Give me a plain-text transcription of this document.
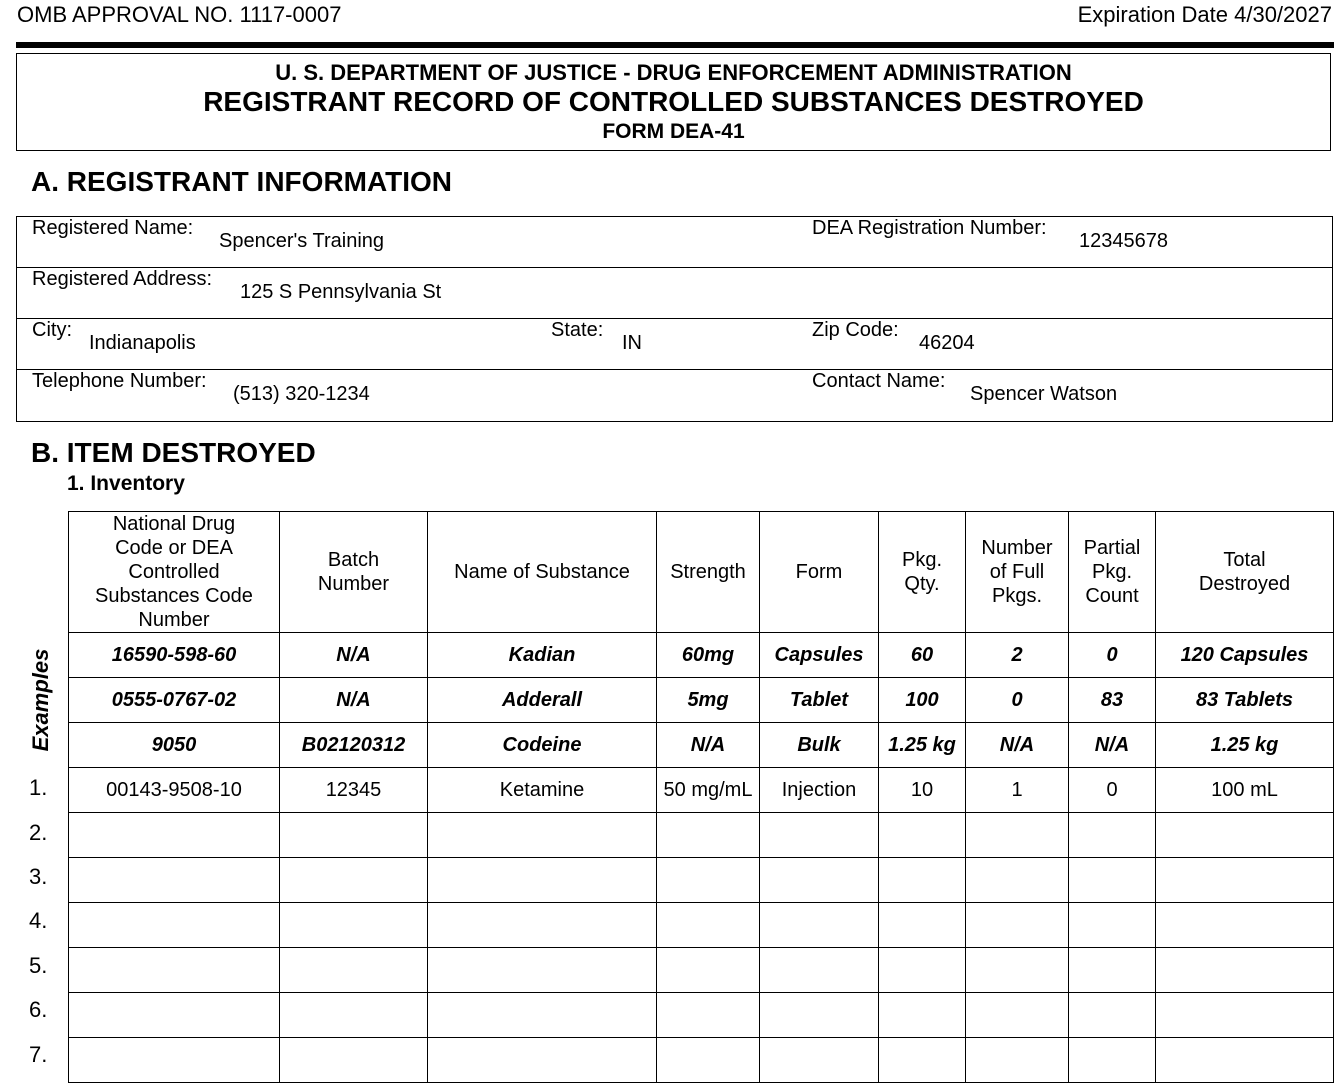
OMB APPROVAL NO. 1117-0007	Expiration Date 4/30/2027
U. S. DEPARTMENT OF JUSTICE - DRUG ENFORCEMENT ADMINISTRATION
REGISTRANT RECORD OF CONTROLLED SUBSTANCES DESTROYED
FORM DEA-41
A. REGISTRANT INFORMATION
Registered Name:
Spencer's Training
DEA Registration Number:
12345678
Registered Address:
125 S Pennsylvania St
City:
Indianapolis
State:
IN
Zip Code:
46204
Telephone Number:
(513) 320-1234
Contact Name:
Spencer Watson
B. ITEM DESTROYED
1. Inventory
Examples
National Drug Code or DEA Controlled Substances Code Number	Batch Number	Name of Substance	Strength	Form	Pkg. Qty.	Number of Full Pkgs.	Partial Pkg. Count	Total Destroyed
16590-598-60	N/A	Kadian	60mg	Capsules	60	2	0	120 Capsules
0555-0767-02	N/A	Adderall	5mg	Tablet	100	0	83	83 Tablets
9050	B02120312	Codeine	N/A	Bulk	1.25 kg	N/A	N/A	1.25 kg
00143-9508-10	12345	Ketamine	50 mg/mL	Injection	10	1	0	100 mL

1.
2.
3.
4.
5.
6.
7.
